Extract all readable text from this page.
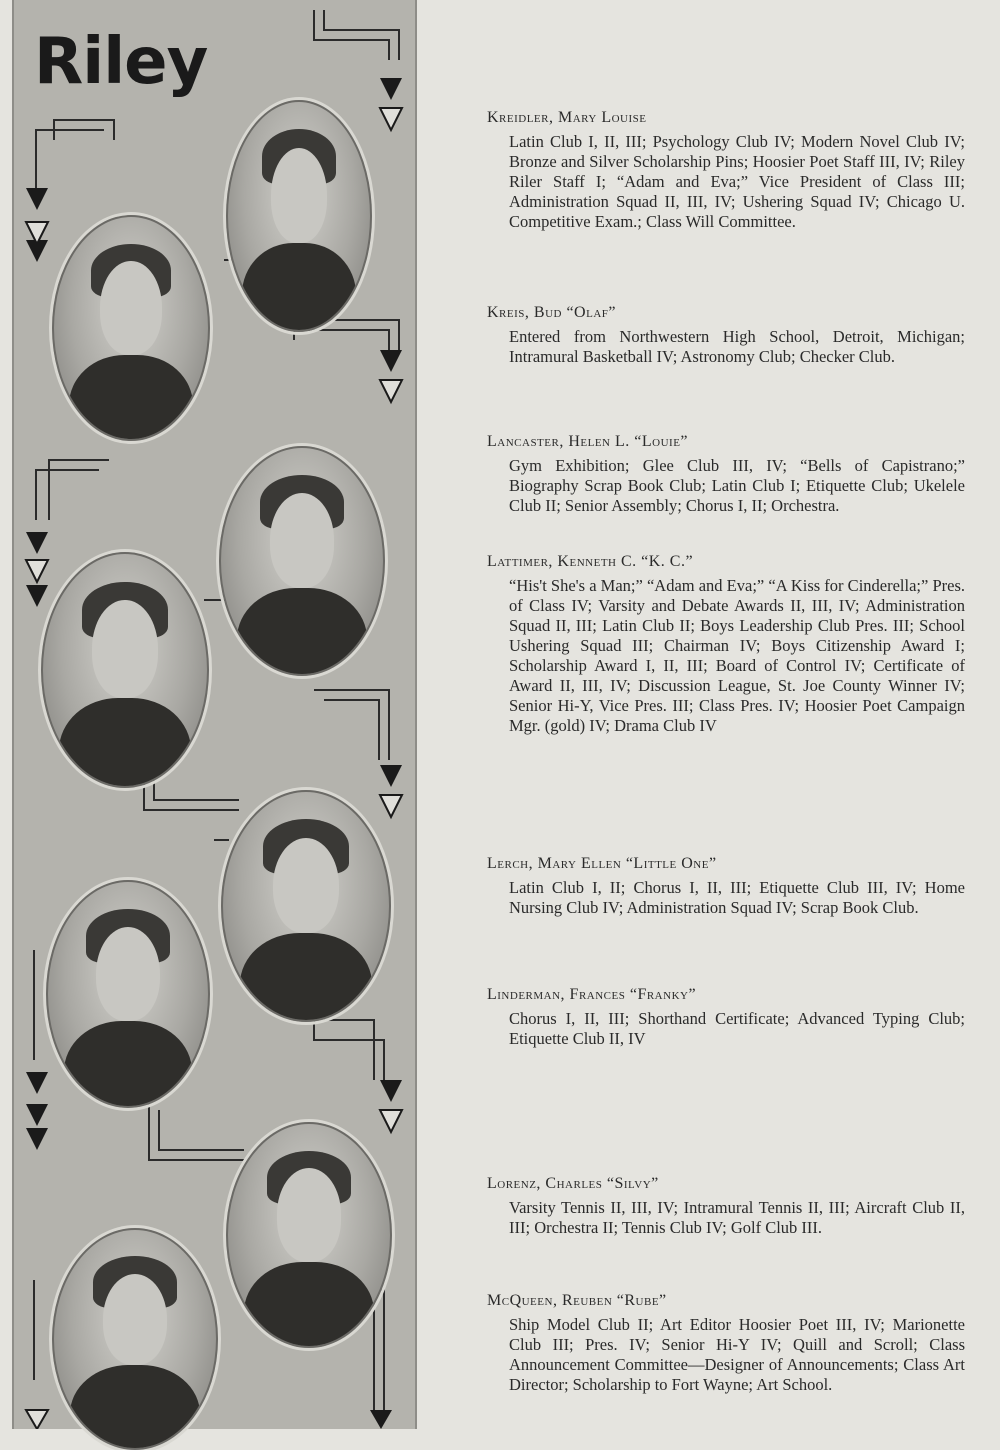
Riley

Kreidler, Mary Louise

Latin Club I, II, III; Psychology Club IV; Modern Novel Club IV; Bronze and Silver Scholarship Pins; Hoosier Poet Staff III, IV; Riley Riler Staff I; “Adam and Eva;” Vice President of Class III; Administration Squad II, III, IV; Ushering Squad IV; Chicago U. Competitive Exam.; Class Will Committee.

Kreis, Bud “Olaf”

Entered from Northwestern High School, Detroit, Michigan; Intramural Basketball IV; Astronomy Club; Checker Club.

Lancaster, Helen L. “Louie”

Gym Exhibition; Glee Club III, IV; “Bells of Capistrano;” Biography Scrap Book Club; Latin Club I; Etiquette Club; Ukelele Club II; Senior Assembly; Chorus I, II; Orchestra.

Lattimer, Kenneth C. “K. C.”

“His't She's a Man;” “Adam and Eva;” “A Kiss for Cinderella;” Pres. of Class IV; Varsity and Debate Awards II, III, IV; Administration Squad II, III; Latin Club II; Boys Leadership Club Pres. III; School Ushering Squad III; Chairman IV; Boys Citizenship Award I; Scholarship Award I, II, III; Board of Control IV; Certificate of Award II, III, IV; Discussion League, St. Joe County Winner IV; Senior Hi-Y, Vice Pres. III; Class Pres. IV; Hoosier Poet Campaign Mgr. (gold) IV; Drama Club IV

Lerch, Mary Ellen “Little One”

Latin Club I, II; Chorus I, II, III; Etiquette Club III, IV; Home Nursing Club IV; Administration Squad IV; Scrap Book Club.

Linderman, Frances “Franky”

Chorus I, II, III; Shorthand Certificate; Advanced Typing Club; Etiquette Club II, IV

Lorenz, Charles “Silvy”

Varsity Tennis II, III, IV; Intramural Tennis II, III; Aircraft Club II, III; Orchestra II; Tennis Club IV; Golf Club III.

McQueen, Reuben “Rube”

Ship Model Club II; Art Editor Hoosier Poet III, IV; Marionette Club III; Pres. IV; Senior Hi-Y IV; Quill and Scroll; Class Announcement Committee—Designer of Announcements; Class Art Director; Scholarship to Fort Wayne; Art School.
